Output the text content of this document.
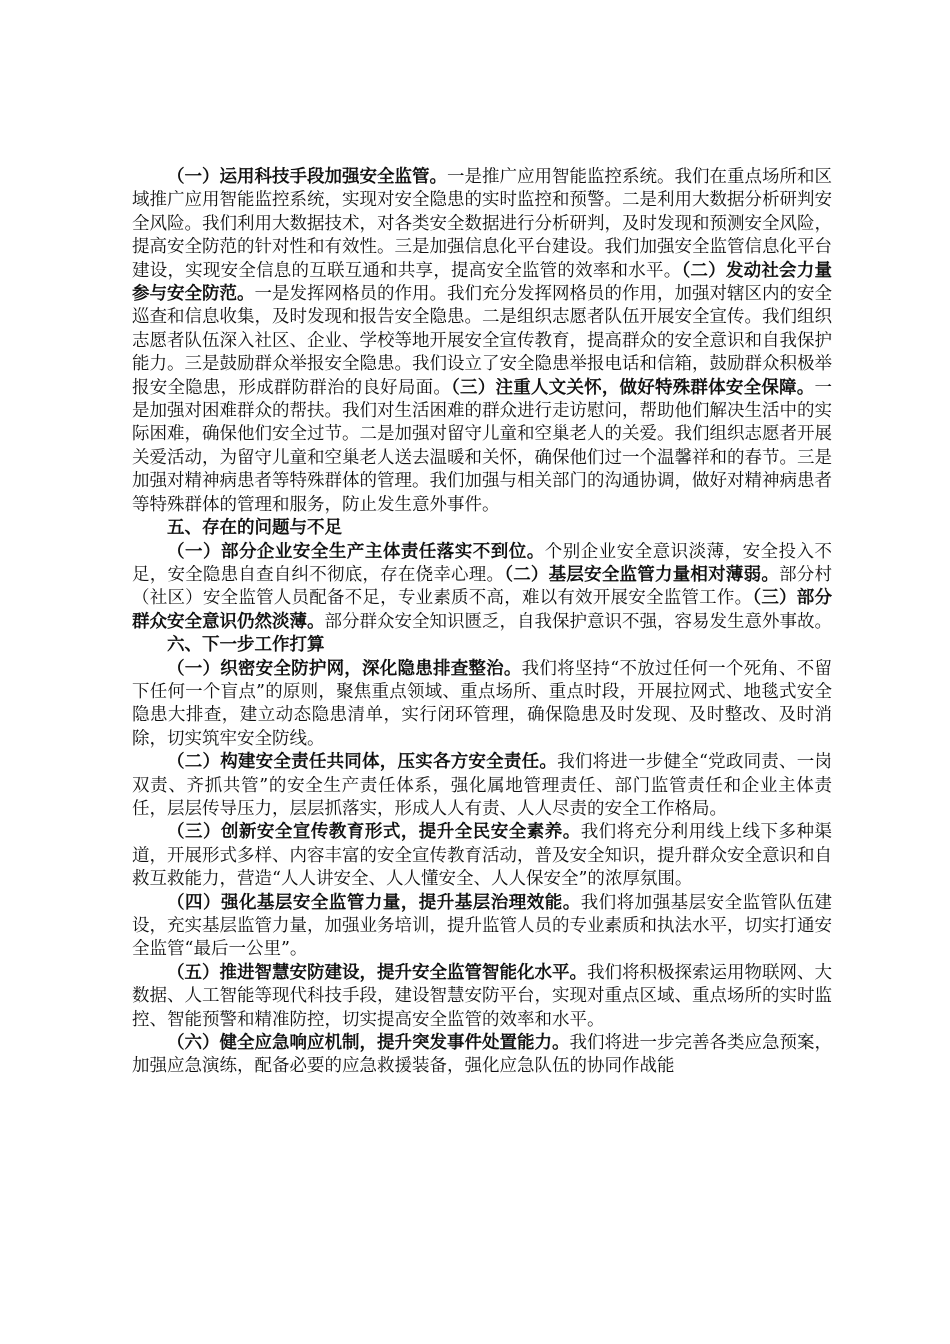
（一）运用科技手段加强安全监管。一是推广应用智能监控系统。我们在重点场所和区域推广应用智能监控系统，实现对安全隐患的实时监控和预警。二是利用大数据分析研判安全风险。我们利用大数据技术，对各类安全数据进行分析研判，及时发现和预测安全风险，提高安全防范的针对性和有效性。三是加强信息化平台建设。我们加强安全监管信息化平台建设，实现安全信息的互联互通和共享，提高安全监管的效率和水平。（二）发动社会力量参与安全防范。一是发挥网格员的作用。我们充分发挥网格员的作用，加强对辖区内的安全巡查和信息收集，及时发现和报告安全隐患。二是组织志愿者队伍开展安全宣传。我们组织志愿者队伍深入社区、企业、学校等地开展安全宣传教育，提高群众的安全意识和自我保护能力。三是鼓励群众举报安全隐患。我们设立了安全隐患举报电话和信箱，鼓励群众积极举报安全隐患，形成群防群治的良好局面。（三）注重人文关怀，做好特殊群体安全保障。一是加强对困难群众的帮扶。我们对生活困难的群众进行走访慰问，帮助他们解决生活中的实际困难，确保他们安全过节。二是加强对留守儿童和空巢老人的关爱。我们组织志愿者开展关爱活动，为留守儿童和空巢老人送去温暖和关怀，确保他们过一个温馨祥和的春节。三是加强对精神病患者等特殊群体的管理。我们加强与相关部门的沟通协调，做好对精神病患者等特殊群体的管理和服务，防止发生意外事件。

五、存在的问题与不足

（一）部分企业安全生产主体责任落实不到位。个别企业安全意识淡薄，安全投入不足，安全隐患自查自纠不彻底，存在侥幸心理。（二）基层安全监管力量相对薄弱。部分村（社区）安全监管人员配备不足，专业素质不高，难以有效开展安全监管工作。（三）部分群众安全意识仍然淡薄。部分群众安全知识匮乏，自我保护意识不强，容易发生意外事故。

六、下一步工作打算

（一）织密安全防护网，深化隐患排查整治。我们将坚持“不放过任何一个死角、不留下任何一个盲点”的原则，聚焦重点领域、重点场所、重点时段，开展拉网式、地毯式安全隐患大排查，建立动态隐患清单，实行闭环管理，确保隐患及时发现、及时整改、及时消除，切实筑牢安全防线。

（二）构建安全责任共同体，压实各方安全责任。我们将进一步健全“党政同责、一岗双责、齐抓共管”的安全生产责任体系，强化属地管理责任、部门监管责任和企业主体责任，层层传导压力，层层抓落实，形成人人有责、人人尽责的安全工作格局。

（三）创新安全宣传教育形式，提升全民安全素养。我们将充分利用线上线下多种渠道，开展形式多样、内容丰富的安全宣传教育活动，普及安全知识，提升群众安全意识和自救互救能力，营造“人人讲安全、人人懂安全、人人保安全”的浓厚氛围。

（四）强化基层安全监管力量，提升基层治理效能。我们将加强基层安全监管队伍建设，充实基层监管力量，加强业务培训，提升监管人员的专业素质和执法水平，切实打通安全监管“最后一公里”。

（五）推进智慧安防建设，提升安全监管智能化水平。我们将积极探索运用物联网、大数据、人工智能等现代科技手段，建设智慧安防平台，实现对重点区域、重点场所的实时监控、智能预警和精准防控，切实提高安全监管的效率和水平。

（六）健全应急响应机制，提升突发事件处置能力。我们将进一步完善各类应急预案，加强应急演练，配备必要的应急救援装备，强化应急队伍的协同作战能
